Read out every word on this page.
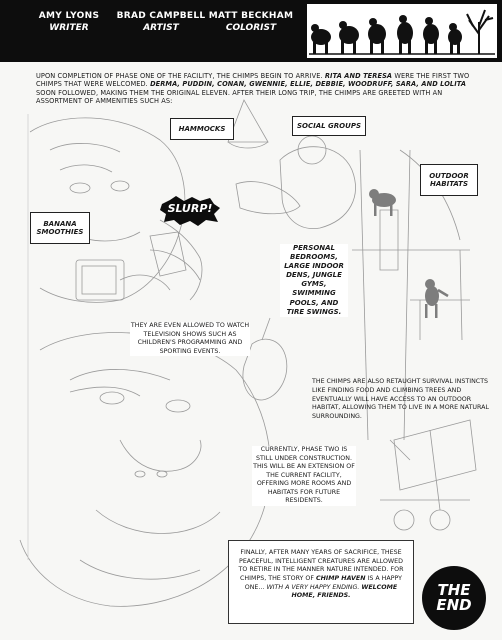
AMY LYONS
WRITER
BRAD CAMPBELL
ARTIST
MATT BECKHAM
COLORIST
UPON COMPLETION OF PHASE ONE OF THE FACILITY, THE CHIMPS BEGIN TO ARRIVE. RITA AND TERESA WERE THE FIRST TWO CHIMPS THAT WERE WELCOMED. DERMA, PUDDIN, CONAN, GWENNIE, ELLIE, DEBBIE, WOODRUFF, SARA, AND LOLITA SOON FOLLOWED, MAKING THEM THE ORIGINAL ELEVEN. AFTER THEIR LONG TRIP, THE CHIMPS ARE GREETED WITH AN ASSORTMENT OF AMMENITIES SUCH AS:
HAMMOCKS	SOCIAL GROUPS
OUTDOOR HABITATS
BANANA SMOOTHIES
SLURP!
PERSONAL BEDROOMS, LARGE INDOOR DENS, JUNGLE GYMS, SWIMMING POOLS, AND TIRE SWINGS.
THEY ARE EVEN ALLOWED TO WATCH TELEVISION SHOWS SUCH AS CHILDREN'S PROGRAMMING AND SPORTING EVENTS.
THE CHIMPS ARE ALSO RETAUGHT SURVIVAL INSTINCTS LIKE FINDING FOOD AND CLIMBING TREES AND EVENTUALLY WILL HAVE ACCESS TO AN OUTDOOR HABITAT, ALLOWING THEM TO LIVE IN A MORE NATURAL SURROUNDING.
CURRENTLY, PHASE TWO IS STILL UNDER CONSTRUCTION. THIS WILL BE AN EXTENSION OF THE CURRENT FACILITY, OFFERING MORE ROOMS AND HABITATS FOR FUTURE RESIDENTS.
FINALLY, AFTER MANY YEARS OF SACRIFICE, THESE PEACEFUL, INTELLIGENT CREATURES ARE ALLOWED TO RETIRE IN THE MANNER NATURE INTENDED. FOR CHIMPS, THE STORY OF CHIMP HAVEN IS A HAPPY ONE... WITH A VERY HAPPY ENDING. WELCOME HOME, FRIENDS.	THE
END
